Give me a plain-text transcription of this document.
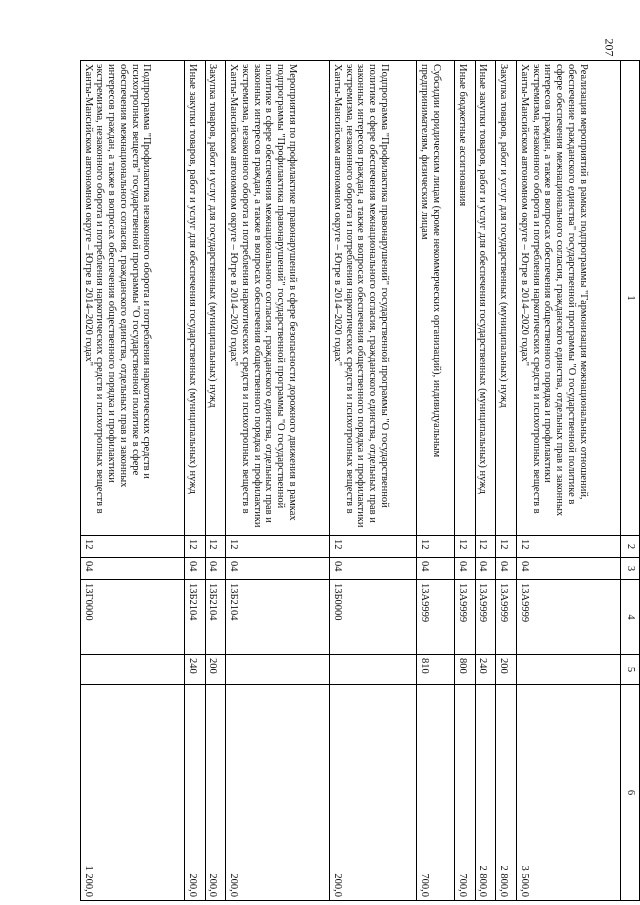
207
1	2	3	4	5	6
Реализация мероприятий в рамках подпрограммы "Гармонизация межнациональных отношений, обеспечение гражданского единства" государственной программы "О государственной политике в сфере обеспечения межнационального согласия, гражданского единства, отдельных прав и законных интересов граждан, а также в вопросах обеспечения общественного порядка и профилактики экстремизма, незаконного оборота и потребления наркотических средств и психотропных веществ в Ханты-Мансийском автономном округе – Югре в 2014–2020 годах"	12	04	13А9999		3 500,0
Закупка товаров, работ и услуг для государственных (муниципальных) нужд	12	04	13А9999	200	2 800,0
Иные закупки товаров, работ и услуг для обеспечения государственных (муниципальных) нужд	12	04	13А9999	240	2 800,0
Иные бюджетные ассигнования	12	04	13А9999	800	700,0
Субсидии юридическим лицам (кроме некоммерческих организаций), индивидуальным предпринимателям, физическим лицам	12	04	13А9999	810	700,0
Подпрограмма "Профилактика правонарушений" государственной программы "О государственной политике в сфере обеспечения межнационального согласия, гражданского единства, отдельных прав и законных интересов граждан, а также в вопросах обеспечения общественного порядка и профилактики экстремизма, незаконного оборота и потребления наркотических средств и психотропных веществ в Ханты-Мансийском автономном округе – Югре в 2014–2020 годах"	12	04	13Б0000		200,0
Мероприятия по профилактике правонарушений в сфере безопасности дорожного движения в рамках подпрограммы "Профилактика правонарушений" государственной программы "О государственной политике в сфере обеспечения межнационального согласия, гражданского единства, отдельных прав и законных интересов граждан, а также в вопросах обеспечения общественного порядка и профилактики экстремизма, незаконного оборота и потребления наркотических средств и психотропных веществ в Ханты-Мансийском автономном округе – Югре в 2014–2020 годах"	12	04	13Б2104		200,0
Закупка товаров, работ и услуг для государственных (муниципальных) нужд	12	04	13Б2104	200	200,0
Иные закупки товаров, работ и услуг для обеспечения государственных (муниципальных) нужд	12	04	13Б2104	240	200,0
Подпрограмма "Профилактика незаконного оборота и потребления наркотических средств и психотропных веществ" государственной программы "О государственной политике в сфере обеспечения межнационального согласия, гражданского единства, отдельных прав и законных интересов граждан, а также в вопросах обеспечения общественного порядка и профилактики экстремизма, незаконного оборота и потребления наркотических средств и психотропных веществ в Ханты-Мансийском автономном округе – Югре в 2014–2020 годах"	12	04	13Г0000		1 200,0
